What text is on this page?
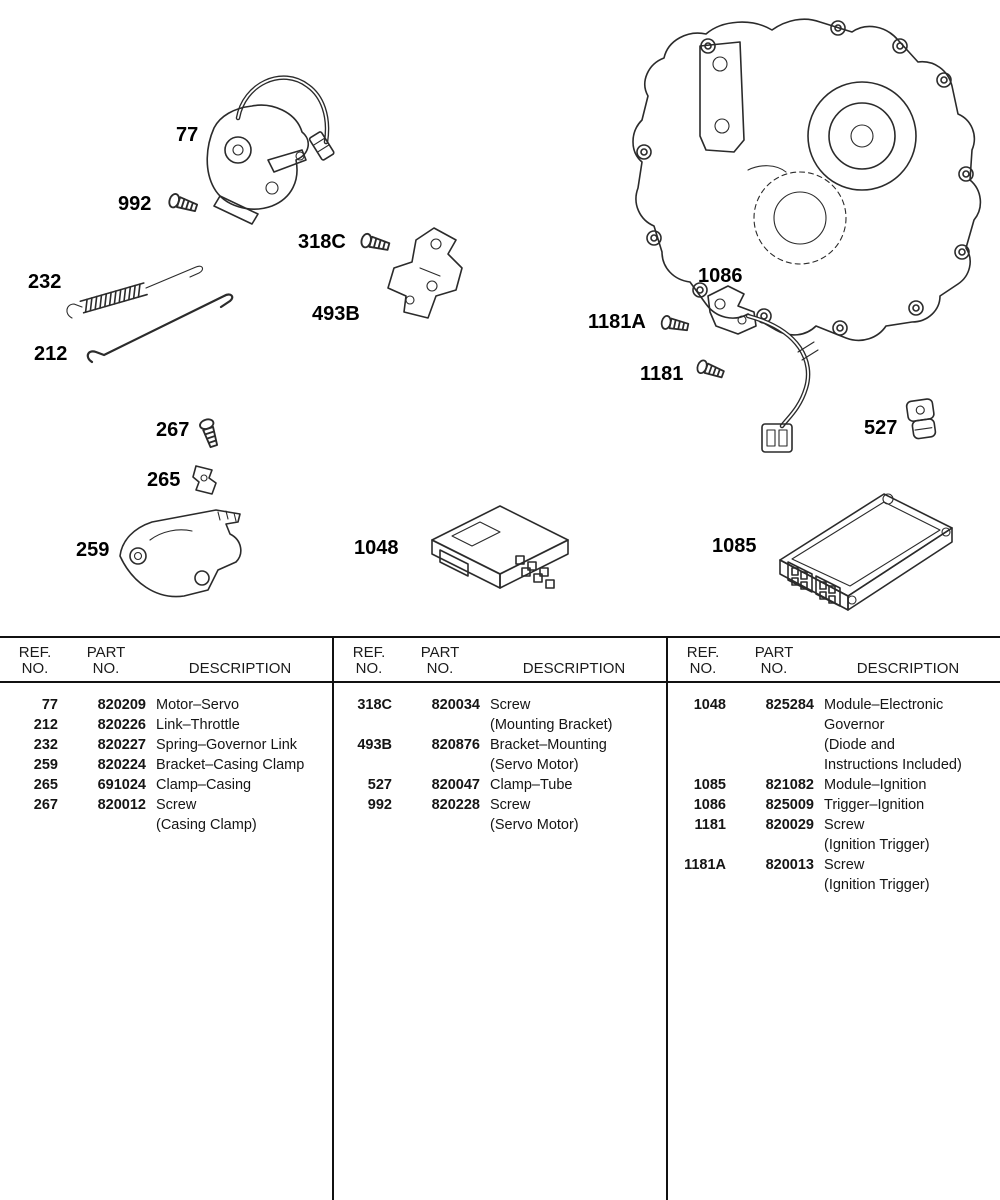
77
992
318C
493B
232
212
267
265
259	1048	1085
1086
1181A
1181
527
REF.
NO.
PART
NO.	DESCRIPTION
77	820209 Motor–Servo
212	820226 Link–Throttle
232	820227 Spring–Governor Link
259	820224 Bracket–Casing Clamp
265	691024 Clamp–Casing
267	820012 Screw
(Casing Clamp)
REF.
NO.
PART
NO.	DESCRIPTION
318C	820034 Screw
(Mounting Bracket)
493B	820876 Bracket–Mounting
(Servo Motor)
527	820047 Clamp–Tube
992	820228 Screw
(Servo Motor)
REF.
NO.
PART
NO.	DESCRIPTION
1048	825284 Module–Electronic
Governor
(Diode and
Instructions Included)
1085	821082 Module–Ignition
1086	825009 Trigger–Ignition
1181	820029 Screw
(Ignition Trigger)
1181A	820013 Screw
(Ignition Trigger)
